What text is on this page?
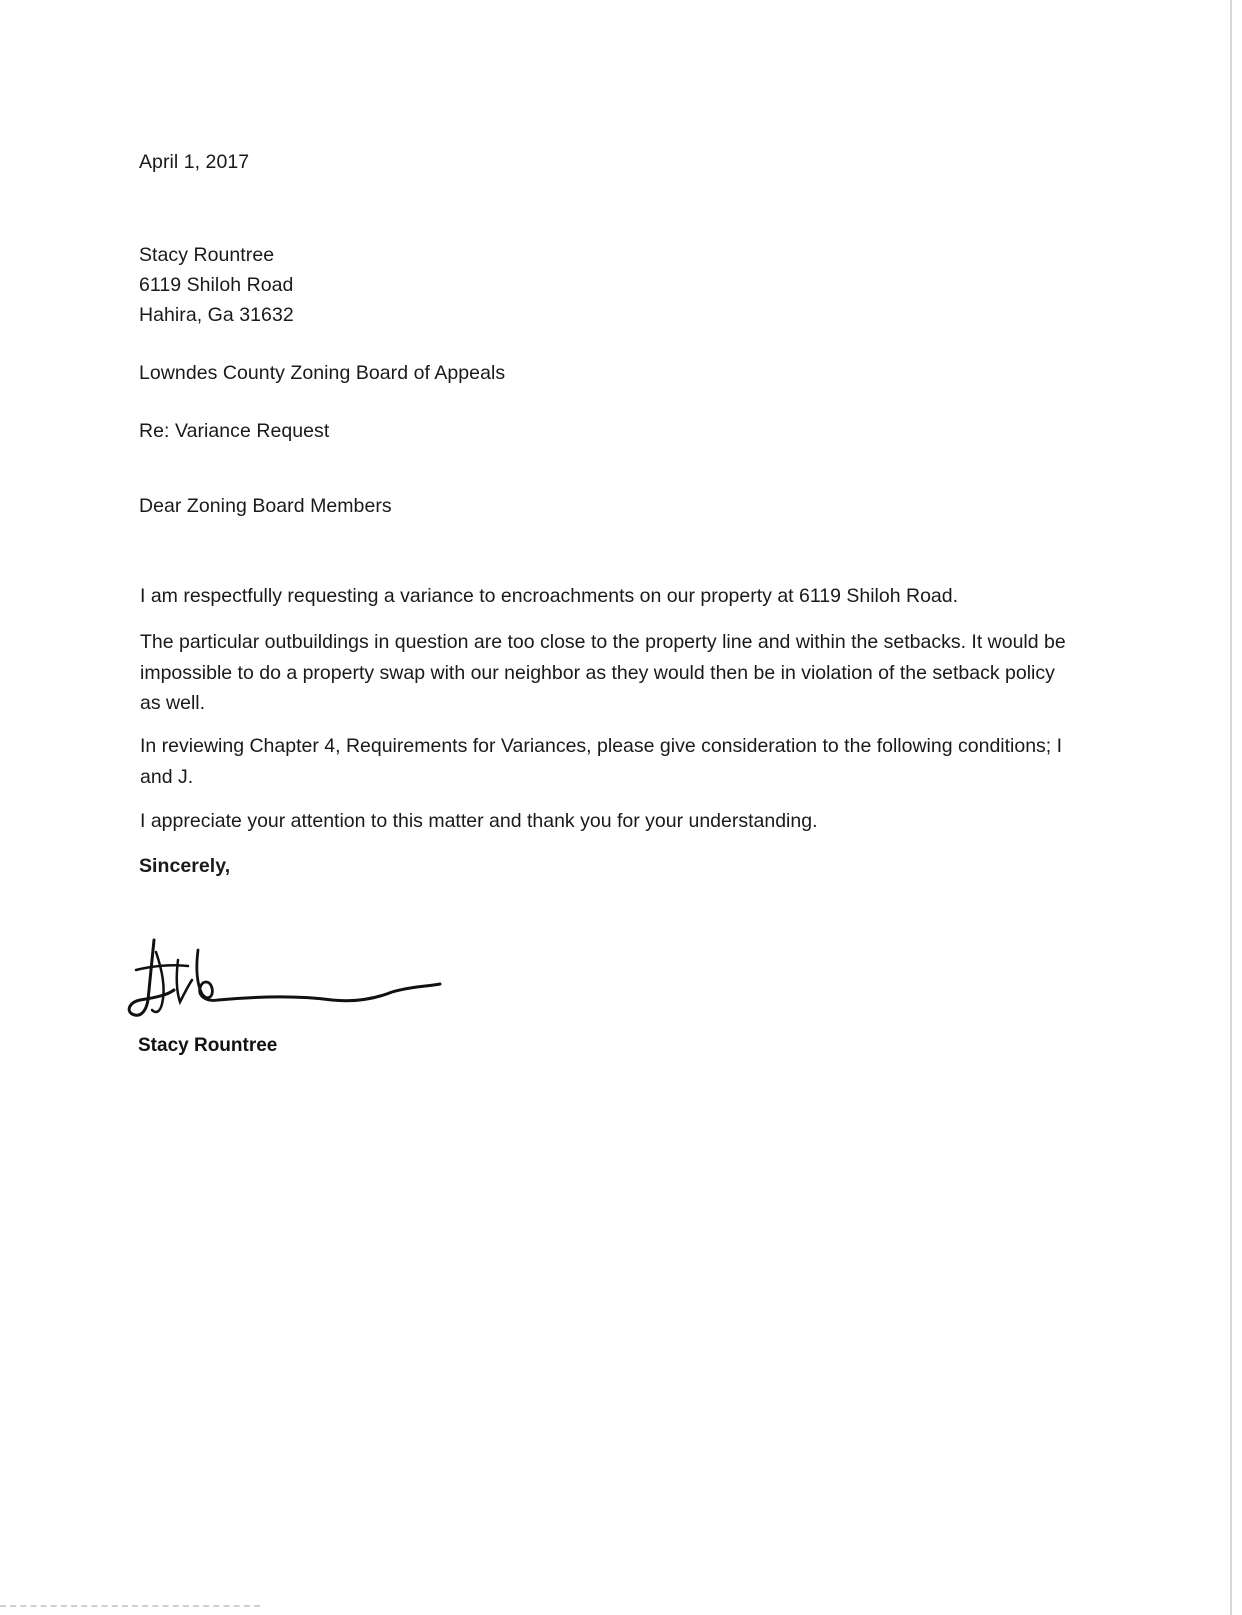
April 1, 2017
Stacy Rountree
6119 Shiloh Road
Hahira, Ga 31632
Lowndes County Zoning Board of Appeals
Re: Variance Request
Dear Zoning Board Members
I am respectfully requesting a variance to encroachments on our property at 6119 Shiloh Road.
The particular outbuildings in question are too close to the property line and within the setbacks. It would be impossible to do a property swap with our neighbor as they would then be in violation of the setback policy as well.
In reviewing Chapter 4, Requirements for Variances, please give consideration to the following conditions; I and J.
I appreciate your attention to this matter and thank you for your understanding.
Sincerely,
Stacy Rountree
